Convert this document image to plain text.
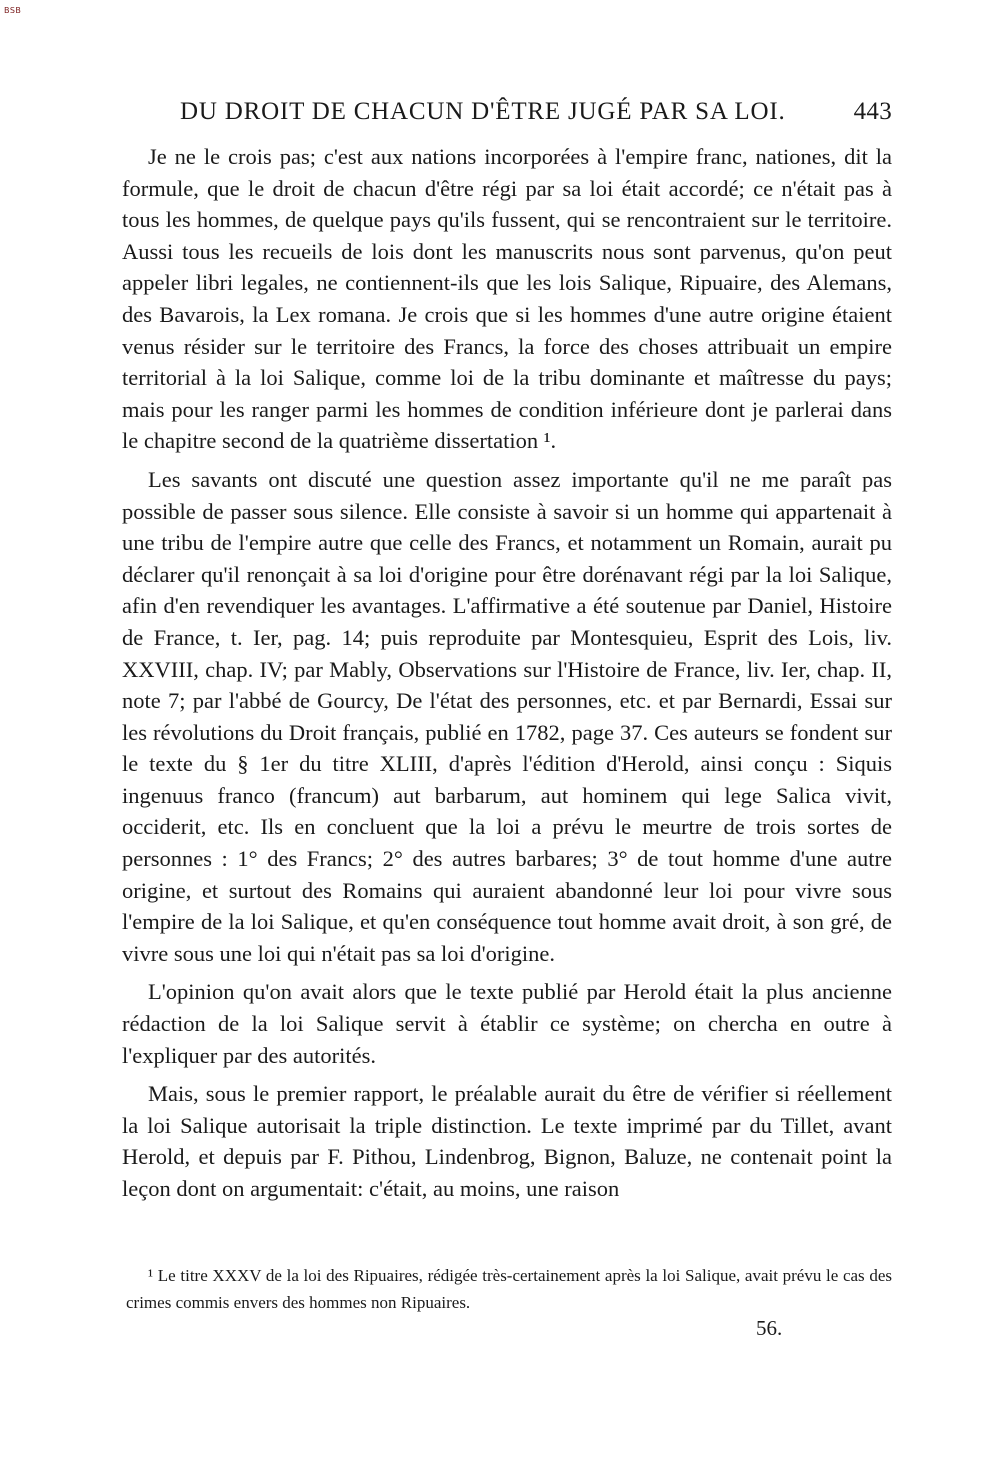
BSB
DU DROIT DE CHACUN D'ÊTRE JUGÉ PAR SA LOI.	443

Je ne le crois pas; c'est aux nations incorporées à l'empire franc, nationes, dit la formule, que le droit de chacun d'être régi par sa loi était accordé; ce n'était pas à tous les hommes, de quelque pays qu'ils fussent, qui se rencontraient sur le territoire. Aussi tous les recueils de lois dont les manuscrits nous sont parvenus, qu'on peut appeler libri legales, ne contiennent-ils que les lois Salique, Ripuaire, des Alemans, des Bavarois, la Lex romana. Je crois que si les hommes d'une autre origine étaient venus résider sur le territoire des Francs, la force des choses attribuait un empire territorial à la loi Salique, comme loi de la tribu dominante et maîtresse du pays; mais pour les ranger parmi les hommes de condition inférieure dont je parlerai dans le chapitre second de la quatrième dissertation ¹.

Les savants ont discuté une question assez importante qu'il ne me paraît pas possible de passer sous silence. Elle consiste à savoir si un homme qui appartenait à une tribu de l'empire autre que celle des Francs, et notamment un Romain, aurait pu déclarer qu'il renonçait à sa loi d'origine pour être dorénavant régi par la loi Salique, afin d'en revendiquer les avantages. L'affirmative a été soutenue par Daniel, Histoire de France, t. Ier, pag. 14; puis reproduite par Montesquieu, Esprit des Lois, liv. XXVIII, chap. IV; par Mably, Observations sur l'Histoire de France, liv. Ier, chap. II, note 7; par l'abbé de Gourcy, De l'état des personnes, etc. et par Bernardi, Essai sur les révolutions du Droit français, publié en 1782, page 37. Ces auteurs se fondent sur le texte du § 1er du titre XLIII, d'après l'édition d'Herold, ainsi conçu : Siquis ingenuus franco (francum) aut barbarum, aut hominem qui lege Salica vivit, occiderit, etc. Ils en concluent que la loi a prévu le meurtre de trois sortes de personnes : 1° des Francs; 2° des autres barbares; 3° de tout homme d'une autre origine, et surtout des Romains qui auraient abandonné leur loi pour vivre sous l'empire de la loi Salique, et qu'en conséquence tout homme avait droit, à son gré, de vivre sous une loi qui n'était pas sa loi d'origine.

L'opinion qu'on avait alors que le texte publié par Herold était la plus ancienne rédaction de la loi Salique servit à établir ce système; on chercha en outre à l'expliquer par des autorités.

Mais, sous le premier rapport, le préalable aurait du être de vérifier si réellement la loi Salique autorisait la triple distinction. Le texte imprimé par du Tillet, avant Herold, et depuis par F. Pithou, Lindenbrog, Bignon, Baluze, ne contenait point la leçon dont on argumentait: c'était, au moins, une raison

¹ Le titre XXXV de la loi des Ripuaires, rédigée très-certainement après la loi Salique, avait prévu le cas des crimes commis envers des hommes non Ripuaires.

56.
